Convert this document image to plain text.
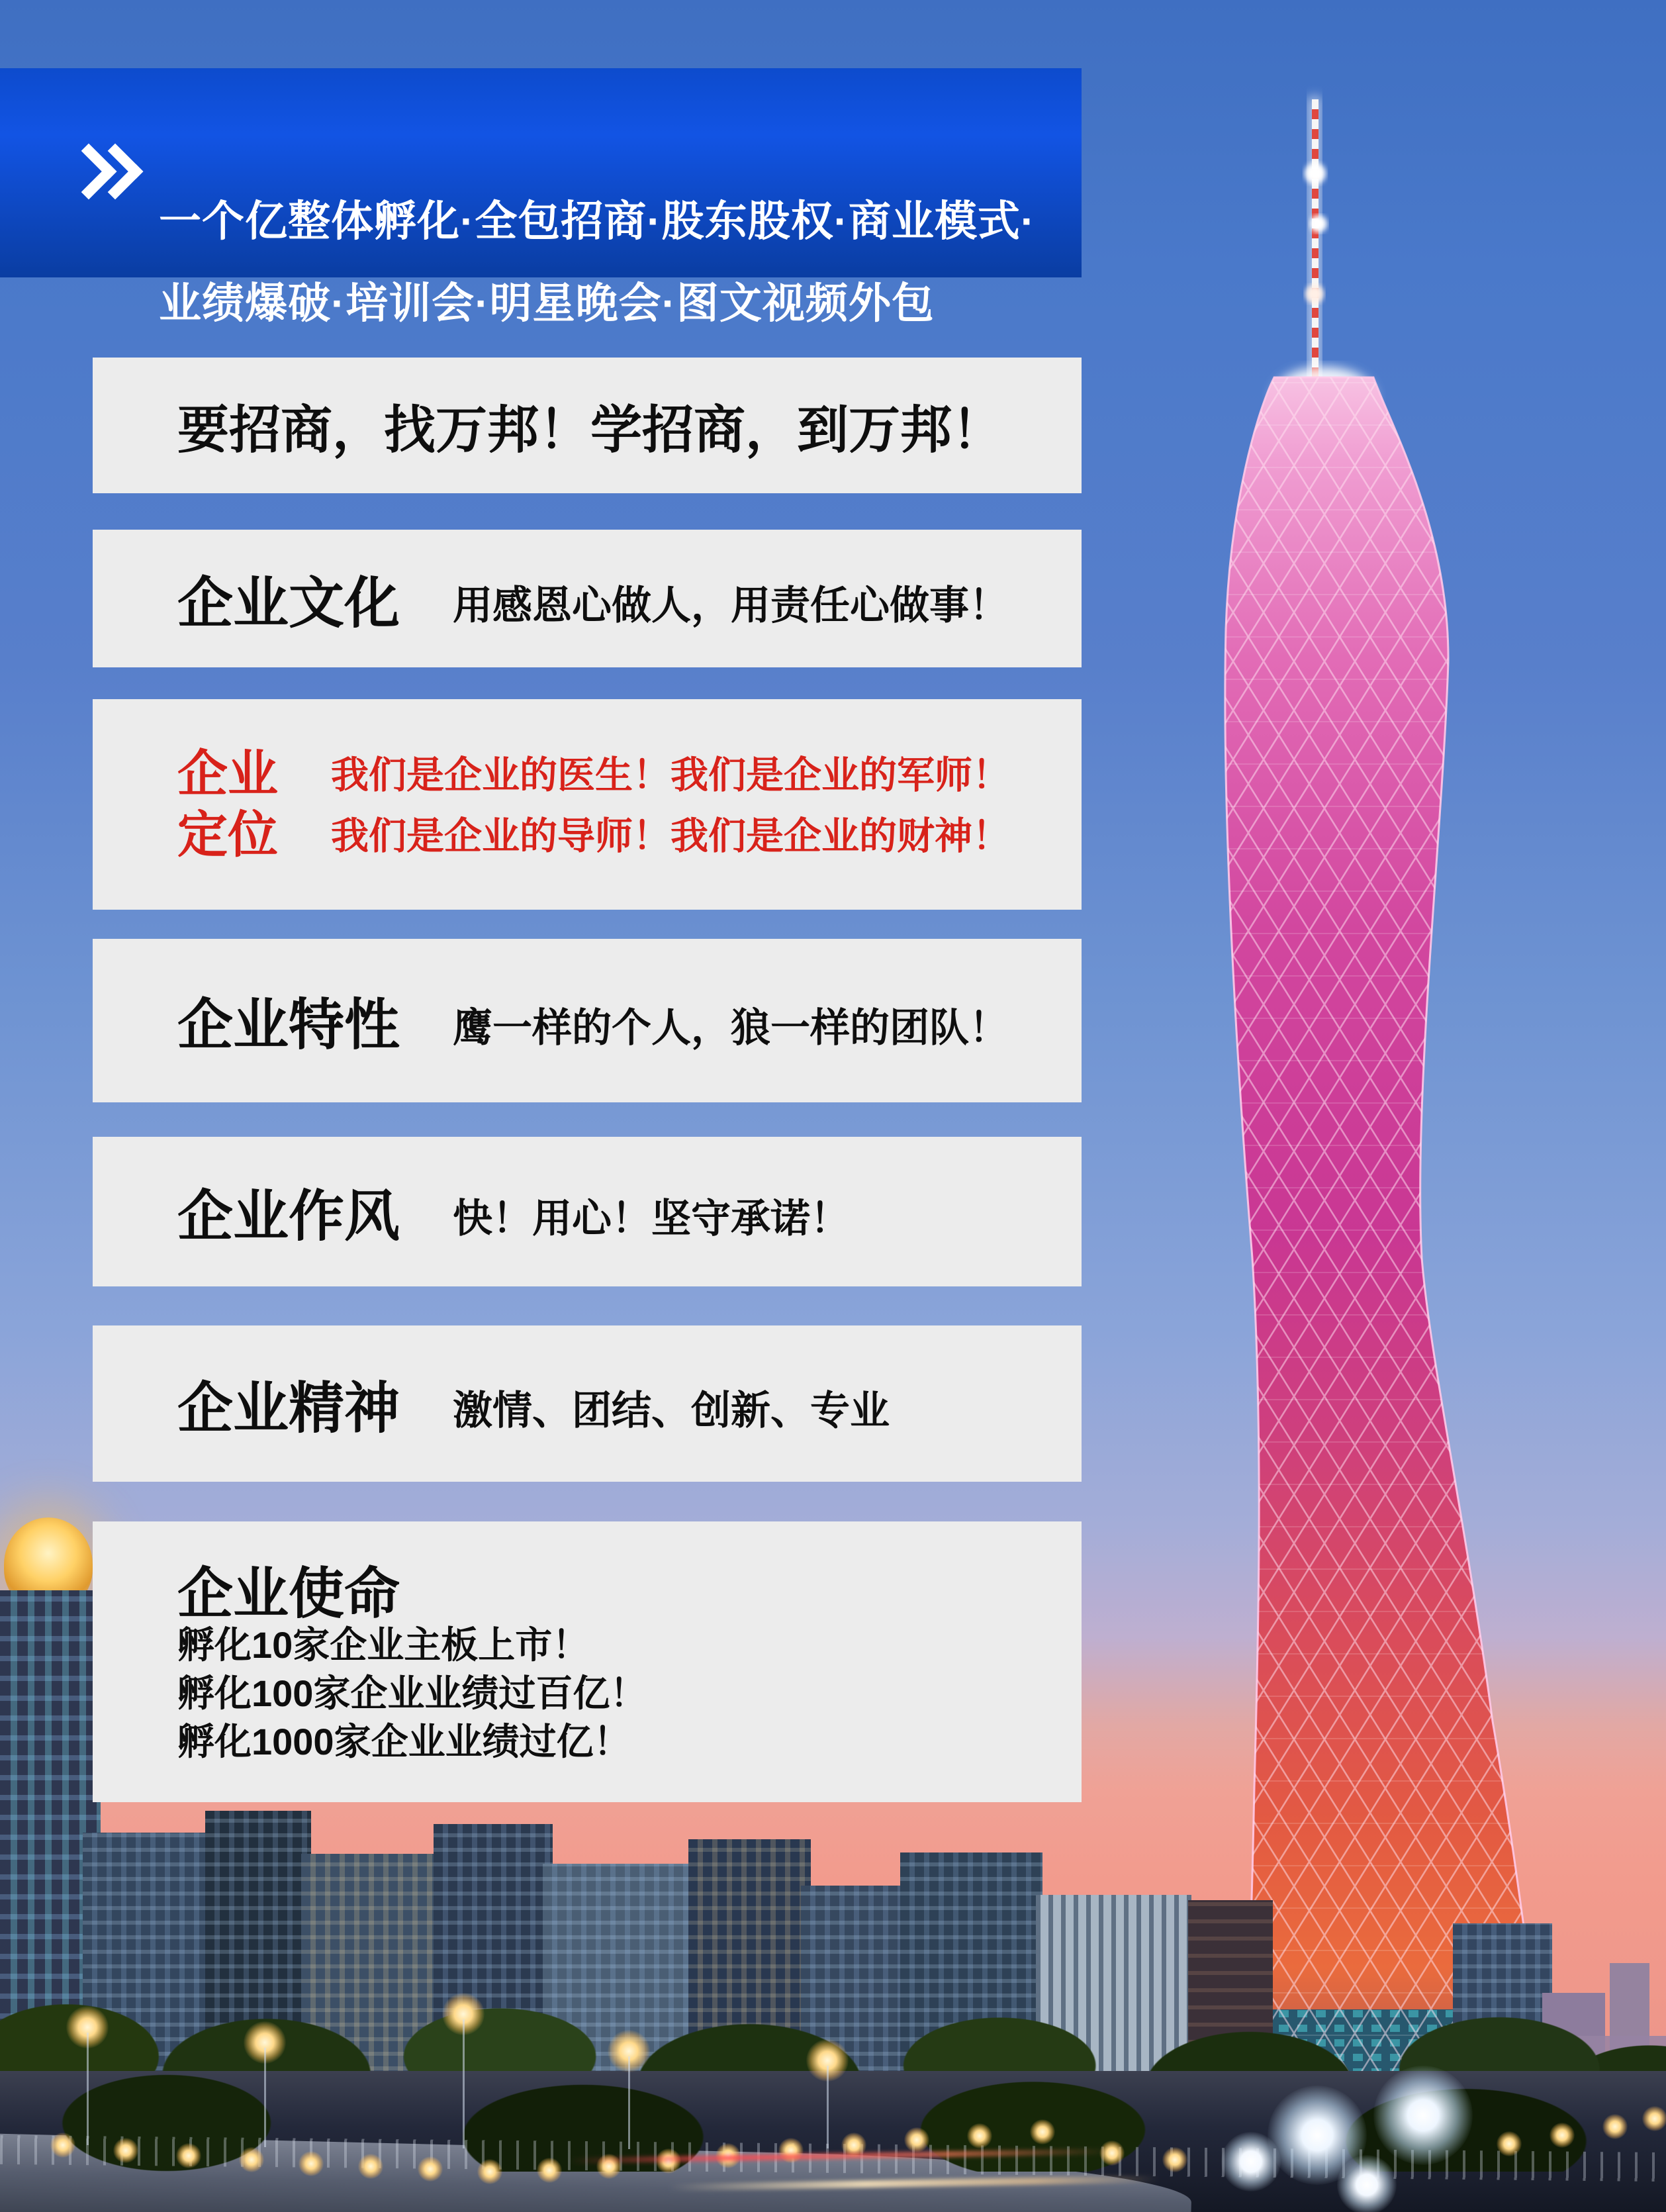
一个亿整体孵化·全包招商·股东股权·商业模式·
业绩爆破·培训会·明星晚会·图文视频外包
要招商，找万邦！学招商，到万邦！
企业文化 用感恩心做人，用责任心做事！

企业	我们是企业的医生！我们是企业的军师！
定位	我们是企业的导师！我们是企业的财神！
企业特性 鹰一样的个人，狼一样的团队！

企业作风 快！用心！坚守承诺！

企业精神 激情、团结、创新、专业

企业使命

孵化10家企业主板上市！

孵化100家企业业绩过百亿！

孵化1000家企业业绩过亿！
